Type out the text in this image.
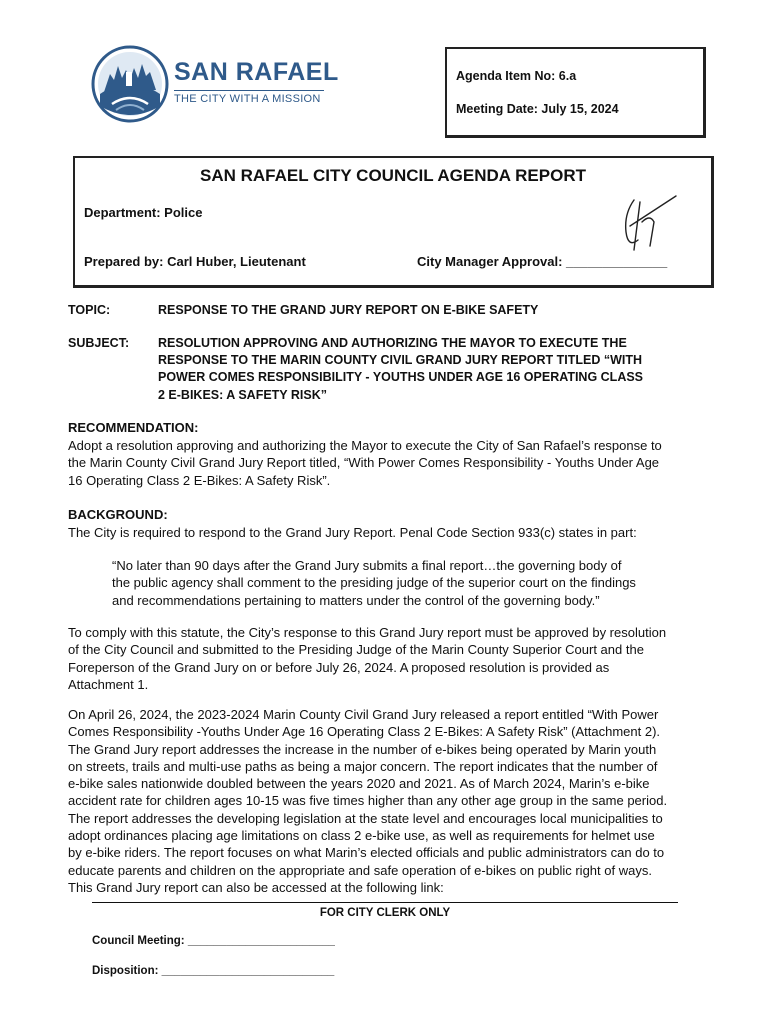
SAN RAFAEL
THE CITY WITH A MISSION
Agenda Item No: 6.a
Meeting Date: July 15, 2024
SAN RAFAEL CITY COUNCIL AGENDA REPORT
Department: Police
Prepared by: Carl Huber, Lieutenant	City Manager Approval: ______________
TOPIC:	RESPONSE TO THE GRAND JURY REPORT ON E-BIKE SAFETY
SUBJECT: RESOLUTION APPROVING AND AUTHORIZING THE MAYOR TO EXECUTE THE
RESPONSE TO THE MARIN COUNTY CIVIL GRAND JURY REPORT TITLED “WITH
POWER COMES RESPONSIBILITY - YOUTHS UNDER AGE 16 OPERATING CLASS
2 E-BIKES: A SAFETY RISK”
RECOMMENDATION:
Adopt a resolution approving and authorizing the Mayor to execute the City of San Rafael’s response to
the Marin County Civil Grand Jury Report titled, “With Power Comes Responsibility - Youths Under Age
16 Operating Class 2 E-Bikes: A Safety Risk”.
BACKGROUND:
The City is required to respond to the Grand Jury Report. Penal Code Section 933(c) states in part:
“No later than 90 days after the Grand Jury submits a final report…the governing body of
the public agency shall comment to the presiding judge of the superior court on the findings
and recommendations pertaining to matters under the control of the governing body.”
To comply with this statute, the City’s response to this Grand Jury report must be approved by resolution
of the City Council and submitted to the Presiding Judge of the Marin County Superior Court and the
Foreperson of the Grand Jury on or before July 26, 2024. A proposed resolution is provided as
Attachment 1.
On April 26, 2024, the 2023-2024 Marin County Civil Grand Jury released a report entitled “With Power
Comes Responsibility -Youths Under Age 16 Operating Class 2 E-Bikes: A Safety Risk” (Attachment 2).
The Grand Jury report addresses the increase in the number of e-bikes being operated by Marin youth
on streets, trails and multi-use paths as being a major concern. The report indicates that the number of
e-bike sales nationwide doubled between the years 2020 and 2021. As of March 2024, Marin’s e-bike
accident rate for children ages 10-15 was five times higher than any other age group in the same period.
The report addresses the developing legislation at the state level and encourages local municipalities to
adopt ordinances placing age limitations on class 2 e-bike use, as well as requirements for helmet use
by e-bike riders. The report focuses on what Marin’s elected officials and public administrators can do to
educate parents and children on the appropriate and safe operation of e-bikes on public right of ways.
This Grand Jury report can also be accessed at the following link:
FOR CITY CLERK ONLY
Council Meeting: _______________________
Disposition: ___________________________
